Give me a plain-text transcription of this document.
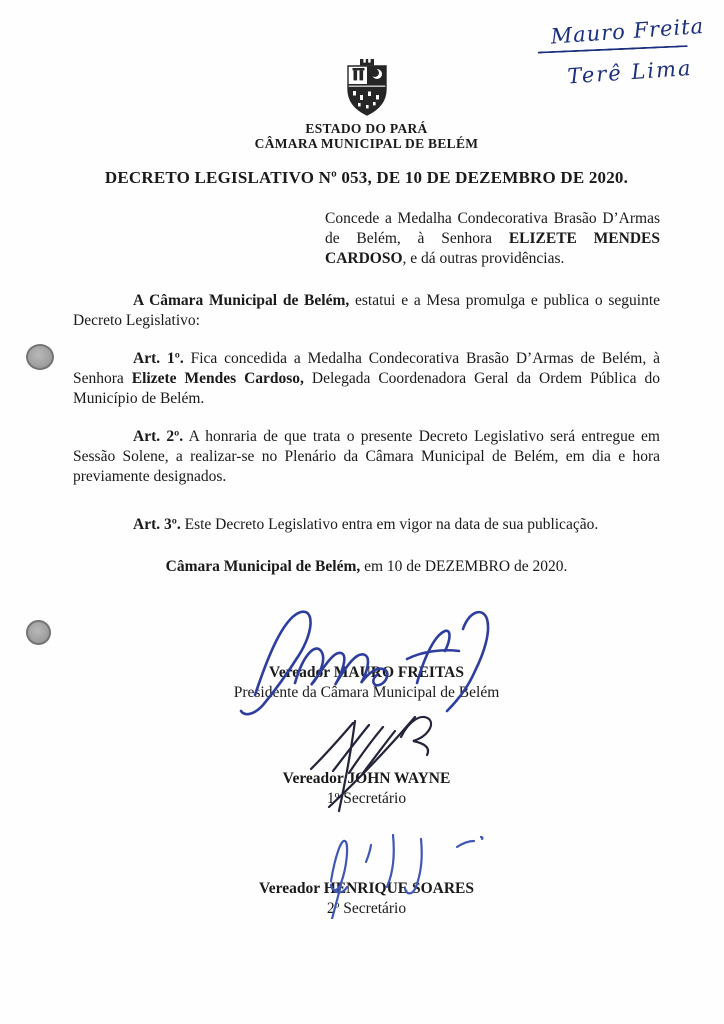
Mauro Freita
Terê Lima
ESTADO DO PARÁ
CÂMARA MUNICIPAL DE BELÉM
DECRETO LEGISLATIVO Nº 053, DE 10 DE DEZEMBRO DE 2020.

Concede a Medalha Condecorativa Brasão D’Armas de Belém, à Senhora ELIZETE MENDES CARDOSO, e dá outras providências.

A Câmara Municipal de Belém, estatui e a Mesa promulga e publica o seguinte Decreto Legislativo:

Art. 1º. Fica concedida a Medalha Condecorativa Brasão D’Armas de Belém, à Senhora Elizete Mendes Cardoso, Delegada Coordenadora Geral da Ordem Pública do Município de Belém.

Art. 2º. A honraria de que trata o presente Decreto Legislativo será entregue em Sessão Solene, a realizar-se no Plenário da Câmara Municipal de Belém, em dia e hora previamente designados.

Art. 3º. Este Decreto Legislativo entra em vigor na data de sua publicação.

Câmara Municipal de Belém, em 10 de DEZEMBRO de 2020.

Vereador MAURO FREITAS
Presidente da Câmara Municipal de Belém
Vereador JOHN WAYNE
1º Secretário
Vereador HENRIQUE SOARES
2º Secretário
